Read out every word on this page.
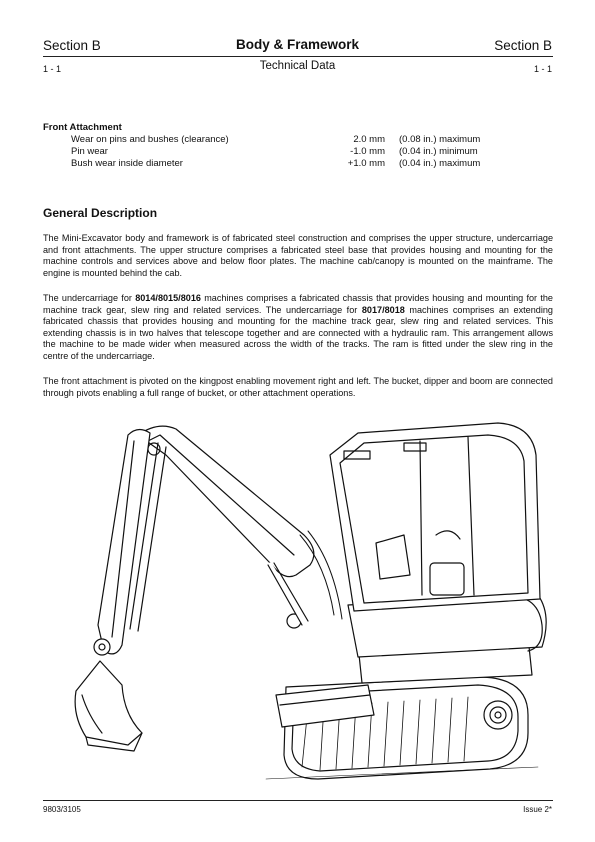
Section B	Body & Framework	Section B
1 - 1	Technical Data	1 - 1
Front Attachment
Wear on pins and bushes (clearance)	2.0 mm (0.08 in.) maximum
Pin wear	-1.0 mm (0.04 in.) minimum
Bush wear inside diameter	+1.0 mm (0.04 in.) maximum
General Description
The Mini-Excavator body and framework is of fabricated steel construction and comprises the upper structure, undercarriage and front attachments. The upper structure comprises a fabricated steel base that provides housing and mounting for the machine controls and services above and below floor plates. The machine cab/canopy is mounted on the mainframe. The engine is mounted behind the cab.
The undercarriage for 8014/8015/8016 machines comprises a fabricated chassis that provides housing and mounting for the machine track gear, slew ring and related services. The undercarriage for 8017/8018 machines comprises an extending fabricated chassis that provides housing and mounting for the machine track gear, slew ring and related services. This extending chassis is in two halves that telescope together and are connected with a hydraulic ram. This arrangement allows the machine to be made wider when measured across the width of the tracks. The ram is fitted under the slew ring in the centre of the undercarriage.
The front attachment is pivoted on the kingpost enabling movement right and left. The bucket, dipper and boom are connected through pivots enabling a full range of bucket, or other attachment operations.
9803/3105	Issue 2*
